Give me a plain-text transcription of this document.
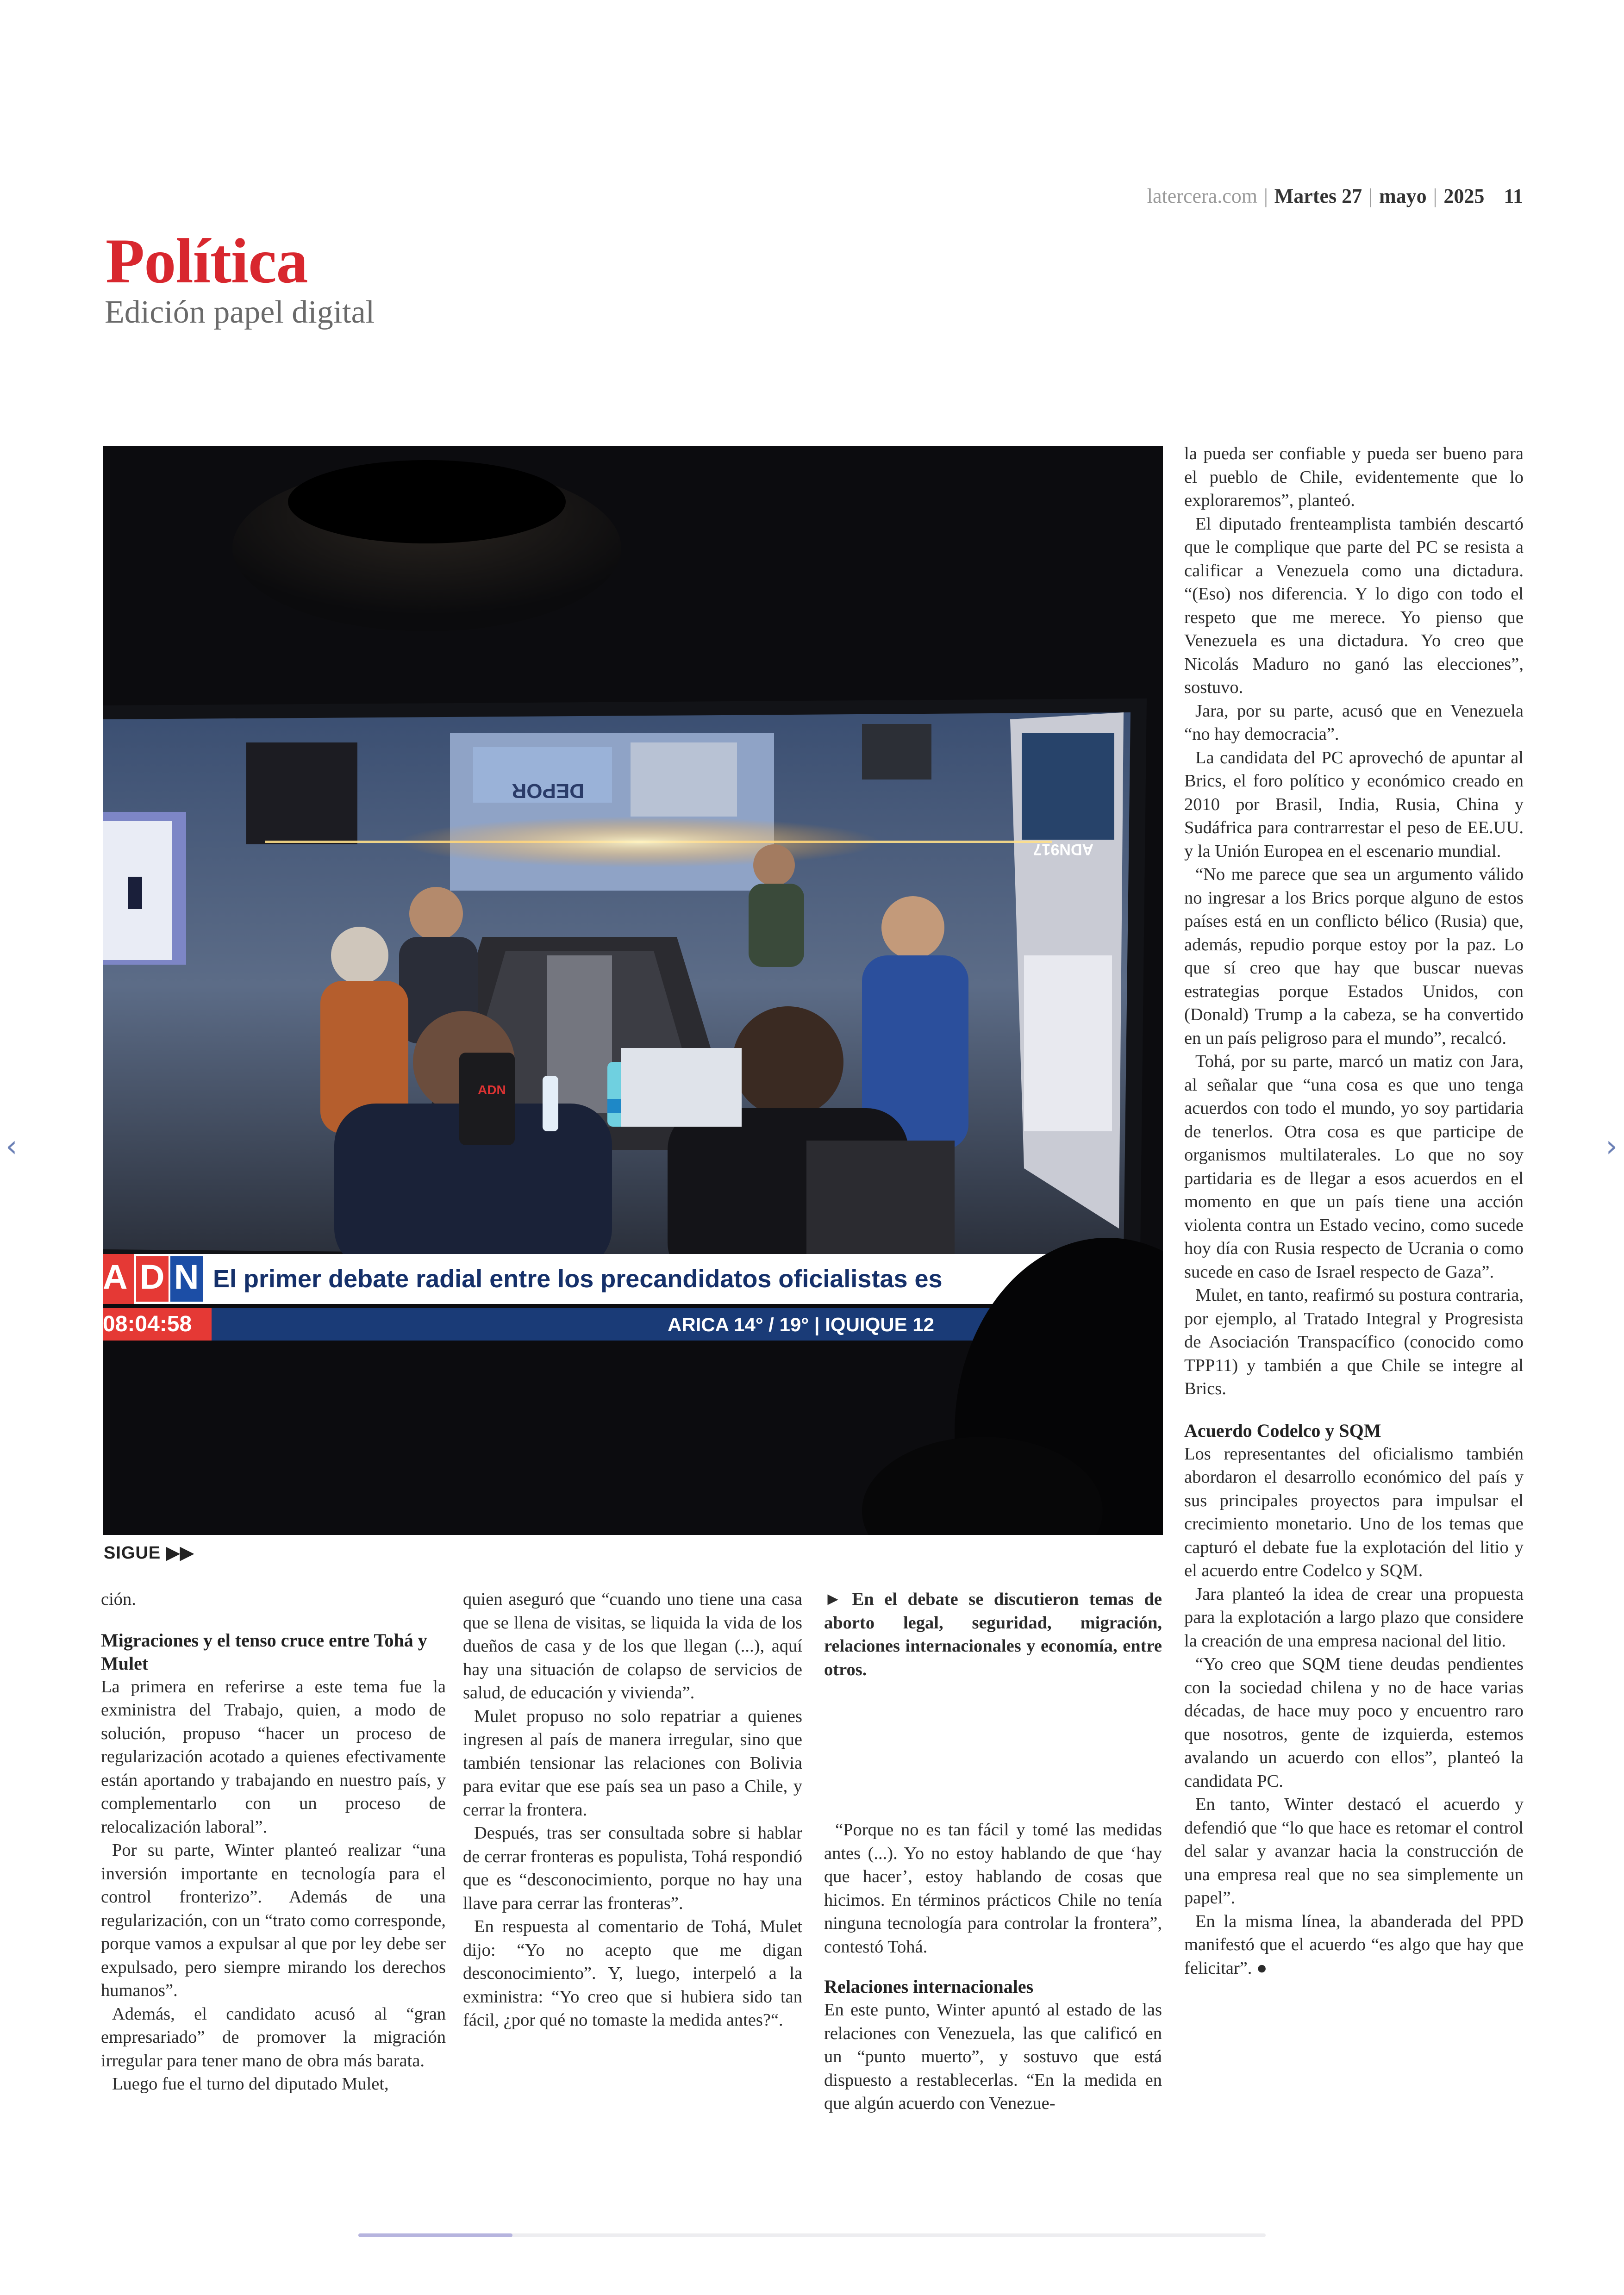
latercera.com | Martes 27 | mayo | 2025 11
Política
Edición papel digital
ADN
DEPOR
ADN917
A D N El primer debate radial entre los precandidatos oficialistas es
08:04:58	ARICA 14° / 19° | IQUIQUE 12
SIGUE ▶▶

ción.

Migraciones y el tenso cruce entre Tohá y Mulet

La primera en referirse a este tema fue la exministra del Trabajo, quien, a modo de solución, propuso “hacer un proceso de regularización acotado a quienes efectivamente están aportando y trabajando en nuestro país, y complementarlo con un proceso de relocalización laboral”.

Por su parte, Winter planteó realizar “una inversión importante en tecnología para el control fronterizo”. Además de una regularización, con un “trato como corresponde, porque vamos a expulsar al que por ley debe ser expulsado, pero siempre mirando los derechos humanos”.

Además, el candidato acusó al “gran empresariado” de promover la migración irregular para tener mano de obra más barata.

Luego fue el turno del diputado Mulet,

quien aseguró que “cuando uno tiene una casa que se llena de visitas, se liquida la vida de los dueños de casa y de los que llegan (...), aquí hay una situación de colapso de servicios de salud, de educación y vivienda”.

Mulet propuso no solo repatriar a quienes ingresen al país de manera irregular, sino que también tensionar las relaciones con Bolivia para evitar que ese país sea un paso a Chile, y cerrar la frontera.

Después, tras ser consultada sobre si hablar de cerrar fronteras es populista, Tohá respondió que es “desconocimiento, porque no hay una llave para cerrar las fronteras”.

En respuesta al comentario de Tohá, Mulet dijo: “Yo no acepto que me digan desconocimiento”. Y, luego, interpeló a la exministra: “Yo creo que si hubiera sido tan fácil, ¿por qué no tomaste la medida antes?“.

► En el debate se discutieron temas de aborto legal, seguridad, migración, relaciones internacionales y economía, entre otros.

“Porque no es tan fácil y tomé las medidas antes (...). Yo no estoy hablando de que ‘hay que hacer’, estoy hablando de cosas que hicimos. En términos prácticos Chile no tenía ninguna tecnología para controlar la frontera”, contestó Tohá.

Relaciones internacionales

En este punto, Winter apuntó al estado de las relaciones con Venezuela, las que calificó en un “punto muerto”, y sostuvo que está dispuesto a restablecerlas. “En la medida en que algún acuerdo con Venezue-

la pueda ser confiable y pueda ser bueno para el pueblo de Chile, evidentemente que lo exploraremos”, planteó.

El diputado frenteamplista también descartó que le complique que parte del PC se resista a calificar a Venezuela como una dictadura. “(Eso) nos diferencia. Y lo digo con todo el respeto que me merece. Yo pienso que Venezuela es una dictadura. Yo creo que Nicolás Maduro no ganó las elecciones”, sostuvo.

Jara, por su parte, acusó que en Venezuela “no hay democracia”.

La candidata del PC aprovechó de apuntar al Brics, el foro político y económico creado en 2010 por Brasil, India, Rusia, China y Sudáfrica para contrarrestar el peso de EE.UU. y la Unión Europea en el escenario mundial.

“No me parece que sea un argumento válido no ingresar a los Brics porque alguno de estos países está en un conflicto bélico (Rusia) que, además, repudio porque estoy por la paz. Lo que sí creo que hay que buscar nuevas estrategias porque Estados Unidos, con (Donald) Trump a la cabeza, se ha convertido en un país peligroso para el mundo”, recalcó.

Tohá, por su parte, marcó un matiz con Jara, al señalar que “una cosa es que uno tenga acuerdos con todo el mundo, yo soy partidaria de tenerlos. Otra cosa es que participe de organismos multilaterales. Lo que no soy partidaria es de llegar a esos acuerdos en el momento en que un país tiene una acción violenta contra un Estado vecino, como sucede hoy día con Rusia respecto de Ucrania o como sucede en caso de Israel respecto de Gaza”.

Mulet, en tanto, reafirmó su postura contraria, por ejemplo, al Tratado Integral y Progresista de Asociación Transpacífico (conocido como TPP11) y también a que Chile se integre al Brics.

Acuerdo Codelco y SQM

Los representantes del oficialismo también abordaron el desarrollo económico del país y sus principales proyectos para impulsar el crecimiento monetario. Uno de los temas que capturó el debate fue la explotación del litio y el acuerdo entre Codelco y SQM.

Jara planteó la idea de crear una propuesta para la explotación a largo plazo que considere la creación de una empresa nacional del litio.

“Yo creo que SQM tiene deudas pendientes con la sociedad chilena y no de hace varias décadas, de hace muy poco y encuentro raro que nosotros, gente de izquierda, estemos avalando un acuerdo con ellos”, planteó la candidata PC.

En tanto, Winter destacó el acuerdo y defendió que “lo que hace es retomar el control del salar y avanzar hacia la construcción de una empresa real que no sea simplemente un papel”.

En la misma línea, la abanderada del PPD manifestó que el acuerdo “es algo que hay que felicitar”. ●

‹	›
